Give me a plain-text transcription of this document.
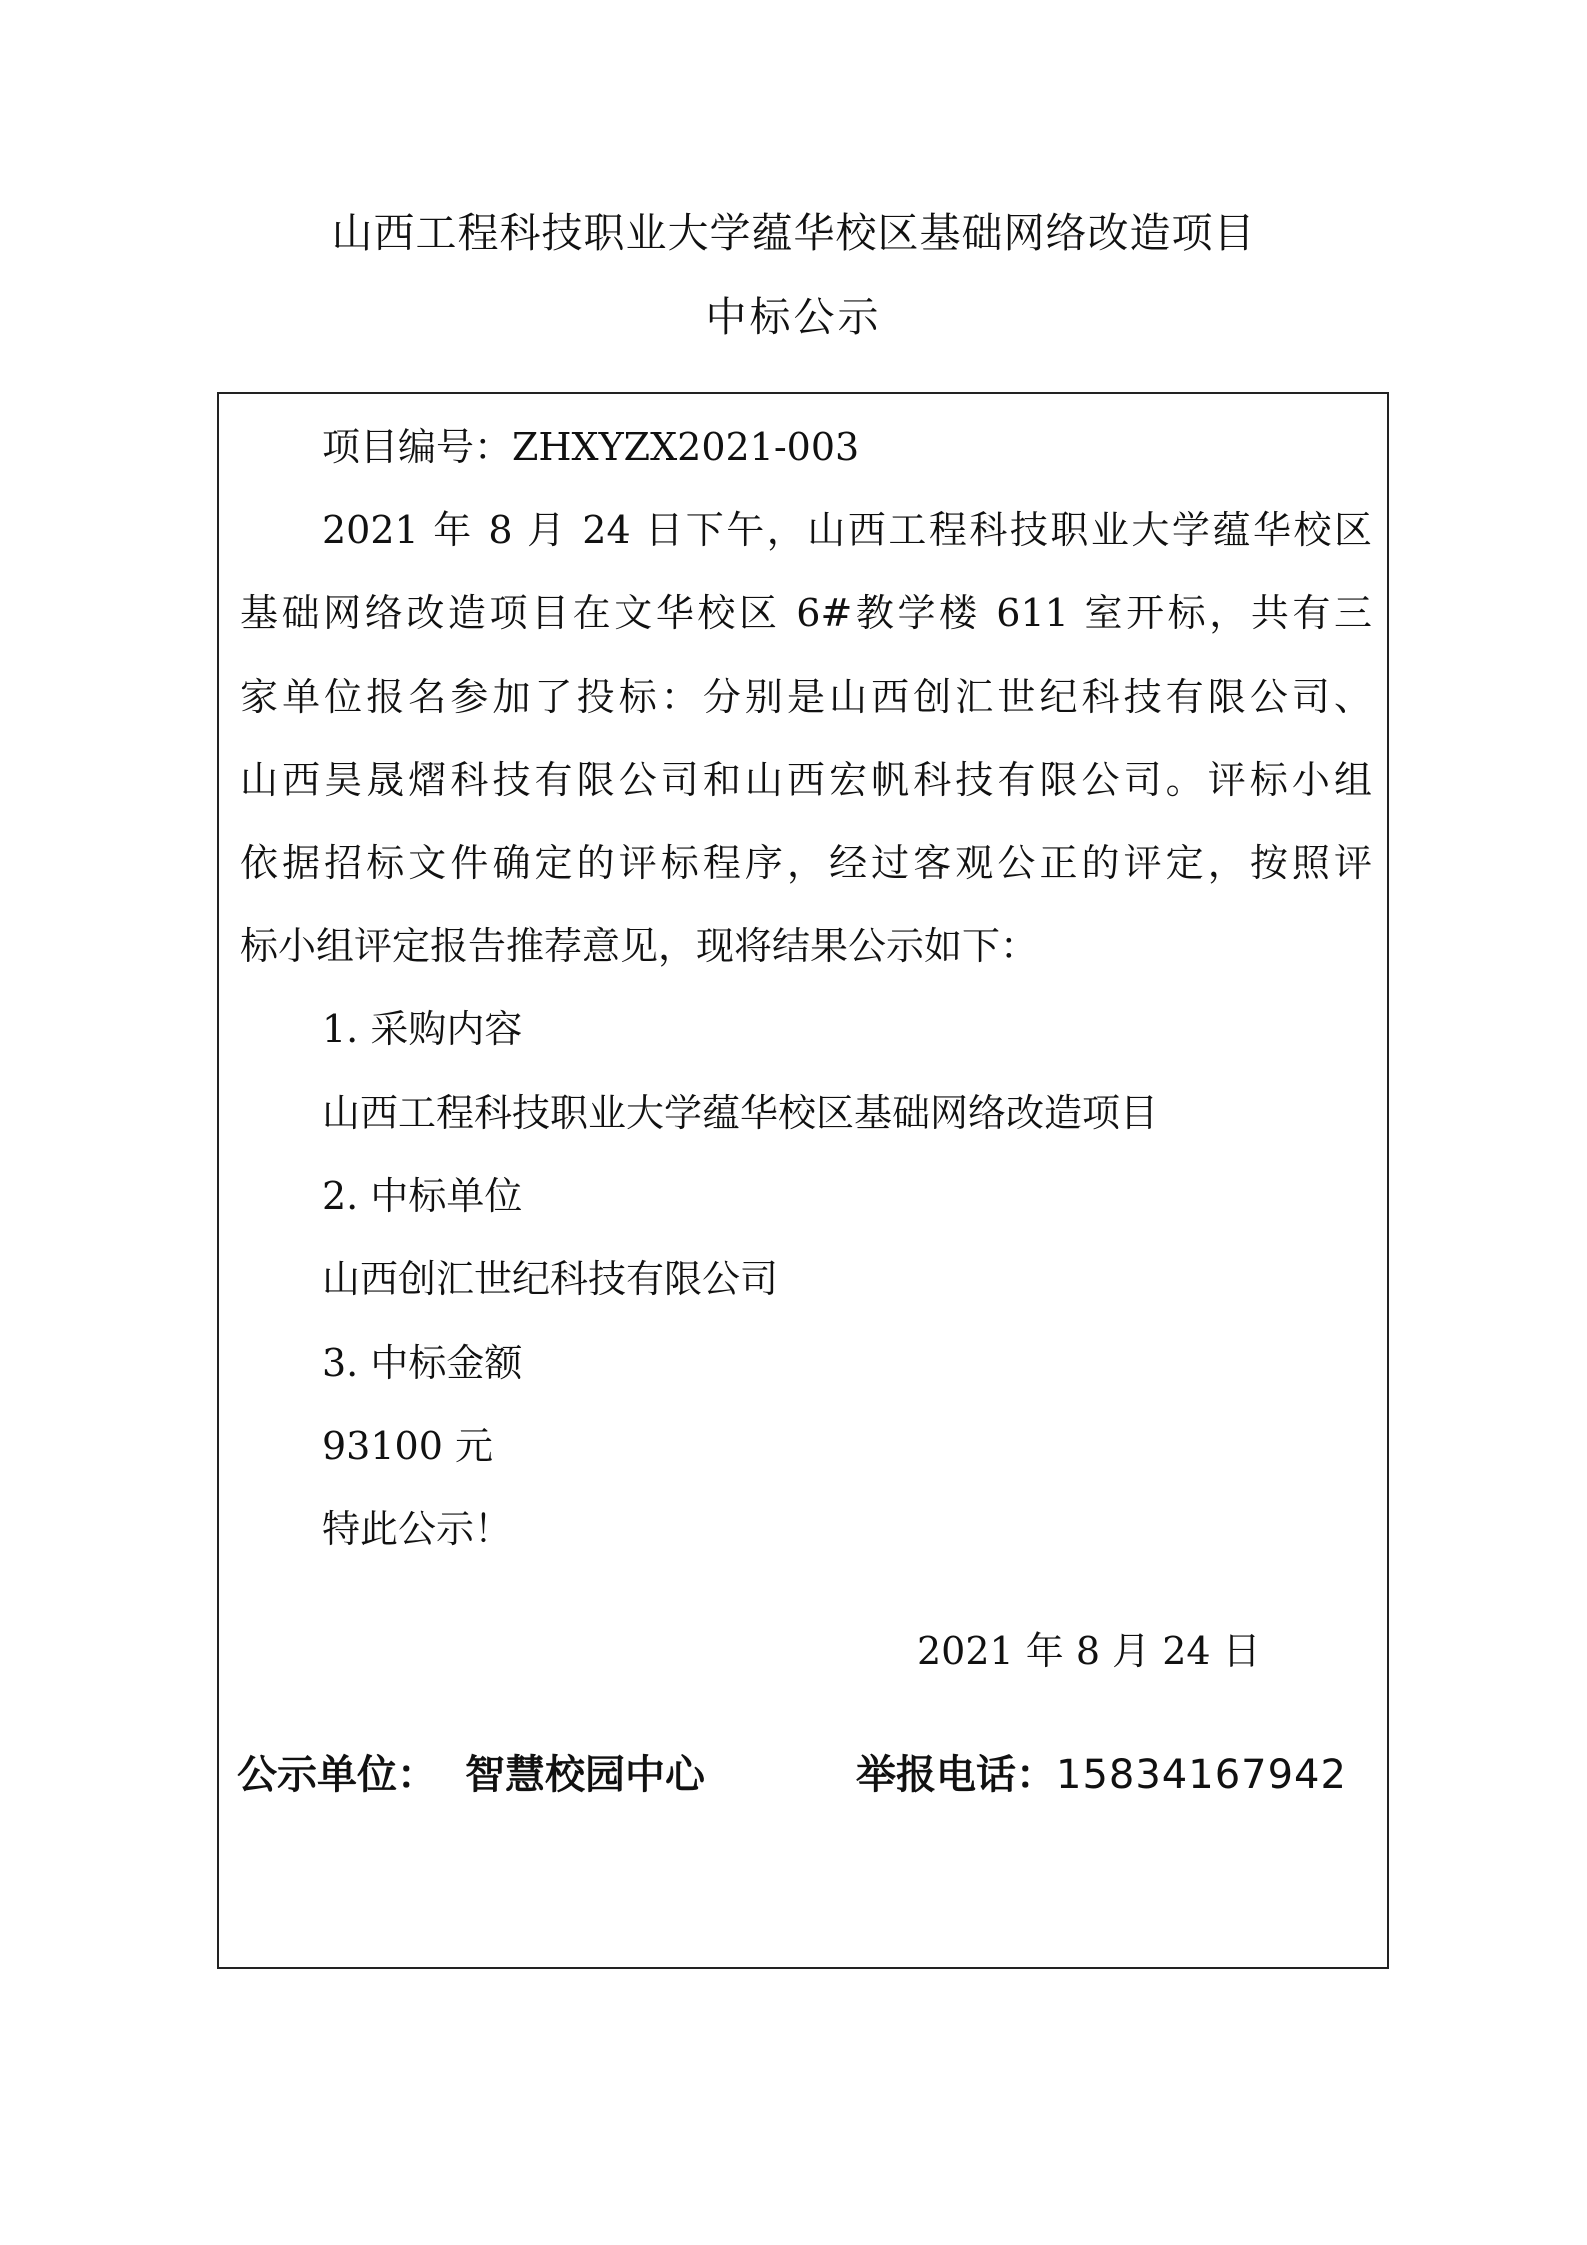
山西工程科技职业大学蕴华校区基础网络改造项目
中标公示

项目编号：ZHXYZX2021-003

2021 年 8 月 24 日下午，山西工程科技职业大学蕴华校区

基础网络改造项目在文华校区 6#教学楼 611 室开标，共有三

家单位报名参加了投标：分别是山西创汇世纪科技有限公司、

山西昊晟熠科技有限公司和山西宏帆科技有限公司。评标小组

依据招标文件确定的评标程序，经过客观公正的评定，按照评

标小组评定报告推荐意见，现将结果公示如下：

1. 采购内容

山西工程科技职业大学蕴华校区基础网络改造项目

2. 中标单位

山西创汇世纪科技有限公司

3. 中标金额

93100 元

特此公示！

2021 年 8 月 24 日
公示单位： 智慧校园中心	举报电话：15834167942
